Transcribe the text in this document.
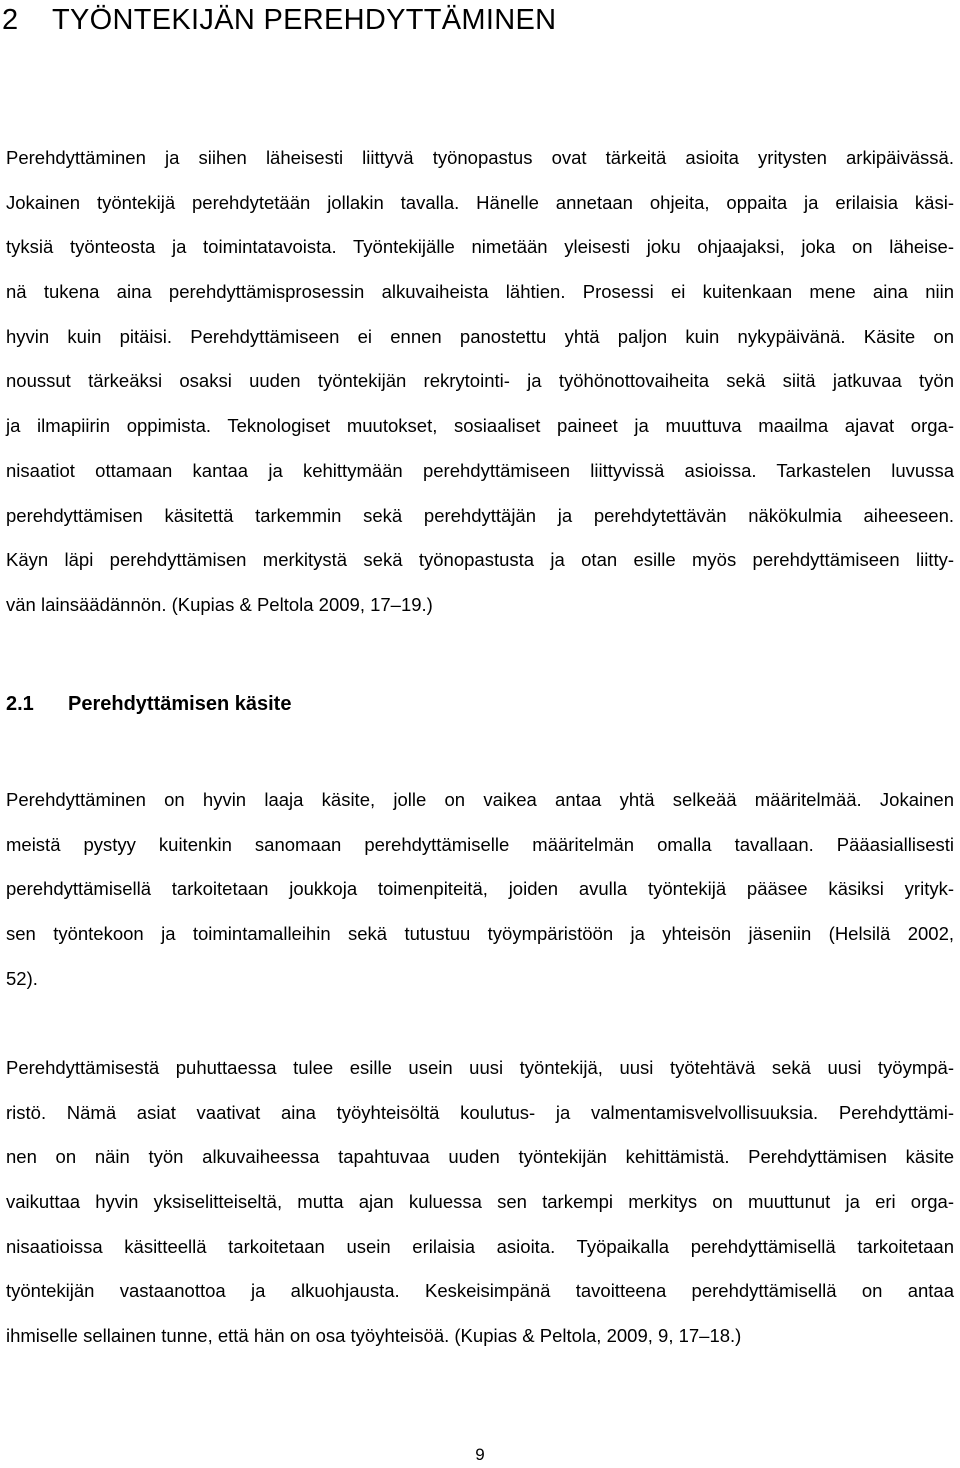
2 TYÖNTEKIJÄN PEREHDYTTÄMINEN
Perehdyttäminen ja siihen läheisesti liittyvä työnopastus ovat tärkeitä asioita yritysten arkipäivässä.
Jokainen työntekijä perehdytetään jollakin tavalla. Hänelle annetaan ohjeita, oppaita ja erilaisia käsi-
tyksiä työnteosta ja toimintatavoista. Työntekijälle nimetään yleisesti joku ohjaajaksi, joka on läheise-
nä tukena aina perehdyttämisprosessin alkuvaiheista lähtien. Prosessi ei kuitenkaan mene aina niin
hyvin kuin pitäisi. Perehdyttämiseen ei ennen panostettu yhtä paljon kuin nykypäivänä. Käsite on
noussut tärkeäksi osaksi uuden työntekijän rekrytointi- ja työhönottovaiheita sekä siitä jatkuvaa työn
ja ilmapiirin oppimista. Teknologiset muutokset, sosiaaliset paineet ja muuttuva maailma ajavat orga-
nisaatiot ottamaan kantaa ja kehittymään perehdyttämiseen liittyvissä asioissa. Tarkastelen luvussa
perehdyttämisen käsitettä tarkemmin sekä perehdyttäjän ja perehdytettävän näkökulmia aiheeseen.
Käyn läpi perehdyttämisen merkitystä sekä työnopastusta ja otan esille myös perehdyttämiseen liitty-
vän lainsäädännön. (Kupias & Peltola 2009, 17–19.)
2.1 Perehdyttämisen käsite
Perehdyttäminen on hyvin laaja käsite, jolle on vaikea antaa yhtä selkeää määritelmää. Jokainen
meistä pystyy kuitenkin sanomaan perehdyttämiselle määritelmän omalla tavallaan. Pääasiallisesti
perehdyttämisellä tarkoitetaan joukkoja toimenpiteitä, joiden avulla työntekijä pääsee käsiksi yrityk-
sen työntekoon ja toimintamalleihin sekä tutustuu työympäristöön ja yhteisön jäseniin (Helsilä 2002,
52).
Perehdyttämisestä puhuttaessa tulee esille usein uusi työntekijä, uusi työtehtävä sekä uusi työympä-
ristö. Nämä asiat vaativat aina työyhteisöltä koulutus- ja valmentamisvelvollisuuksia. Perehdyttämi-
nen on näin työn alkuvaiheessa tapahtuvaa uuden työntekijän kehittämistä. Perehdyttämisen käsite
vaikuttaa hyvin yksiselitteiseltä, mutta ajan kuluessa sen tarkempi merkitys on muuttunut ja eri orga-
nisaatioissa käsitteellä tarkoitetaan usein erilaisia asioita. Työpaikalla perehdyttämisellä tarkoitetaan
työntekijän vastaanottoa ja alkuohjausta. Keskeisimpänä tavoitteena perehdyttämisellä on antaa
ihmiselle sellainen tunne, että hän on osa työyhteisöä. (Kupias & Peltola, 2009, 9, 17–18.)

9
